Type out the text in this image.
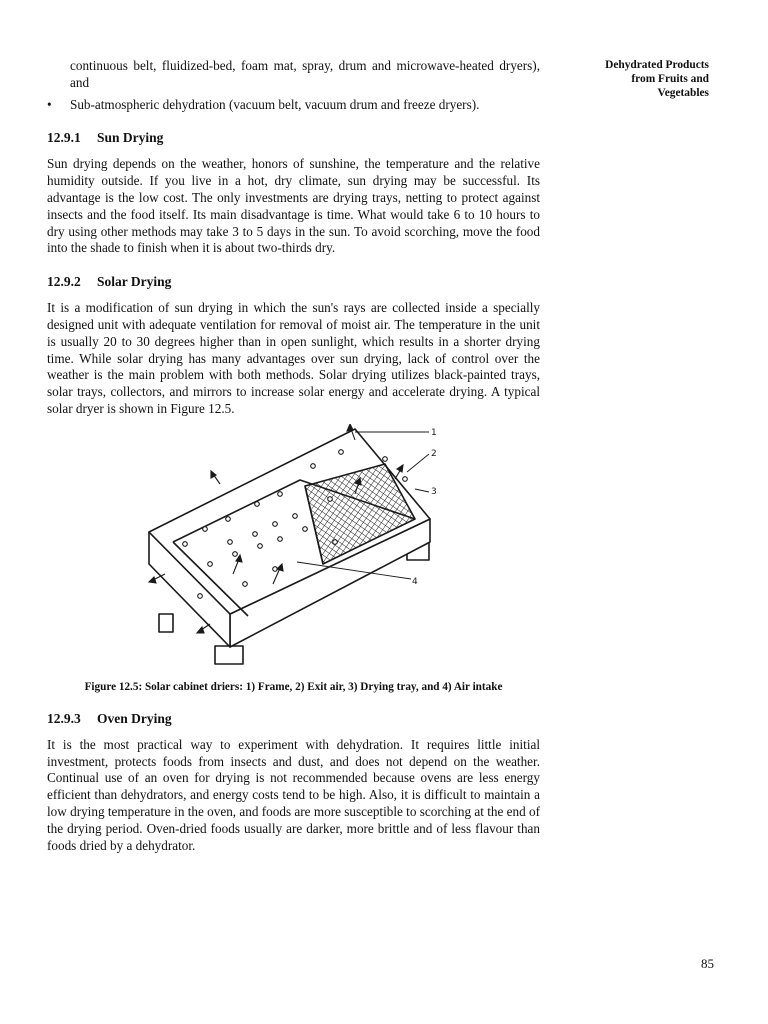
Dehydrated Products
from Fruits and
Vegetables

continuous belt, fluidized-bed, foam mat, spray, drum and microwave-heated dryers), and

• Sub-atmospheric dehydration (vacuum belt, vacuum drum and freeze dryers).

12.9.1 Sun Drying

Sun drying depends on the weather, honors of sunshine, the temperature and the relative humidity outside. If you live in a hot, dry climate, sun drying may be successful. Its advantage is the low cost. The only investments are drying trays, netting to protect against insects and the food itself. Its main disadvantage is time. What would take 6 to 10 hours to dry using other methods may take 3 to 5 days in the sun. To avoid scorching, move the food into the shade to finish when it is about two-thirds dry.

12.9.2 Solar Drying

It is a modification of sun drying in which the sun's rays are collected inside a specially designed unit with adequate ventilation for removal of moist air. The temperature in the unit is usually 20 to 30 degrees higher than in open sunlight, which results in a shorter drying time. While solar drying has many advantages over sun drying, lack of control over the weather is the main problem with both methods. Solar drying utilizes black-painted trays, solar trays, collectors, and mirrors to increase solar energy and accelerate drying. A typical solar dryer is shown in Figure 12.5.

1
2
3
4

Figure 12.5: Solar cabinet driers: 1) Frame, 2) Exit air, 3) Drying tray, and 4) Air intake

12.9.3 Oven Drying

It is the most practical way to experiment with dehydration. It requires little initial investment, protects foods from insects and dust, and does not depend on the weather. Continual use of an oven for drying is not recommended because ovens are less energy efficient than dehydrators, and energy costs tend to be high. Also, it is difficult to maintain a low drying temperature in the oven, and foods are more susceptible to scorching at the end of the drying period. Oven-dried foods usually are darker, more brittle and of less flavour than foods dried by a dehydrator.

85
